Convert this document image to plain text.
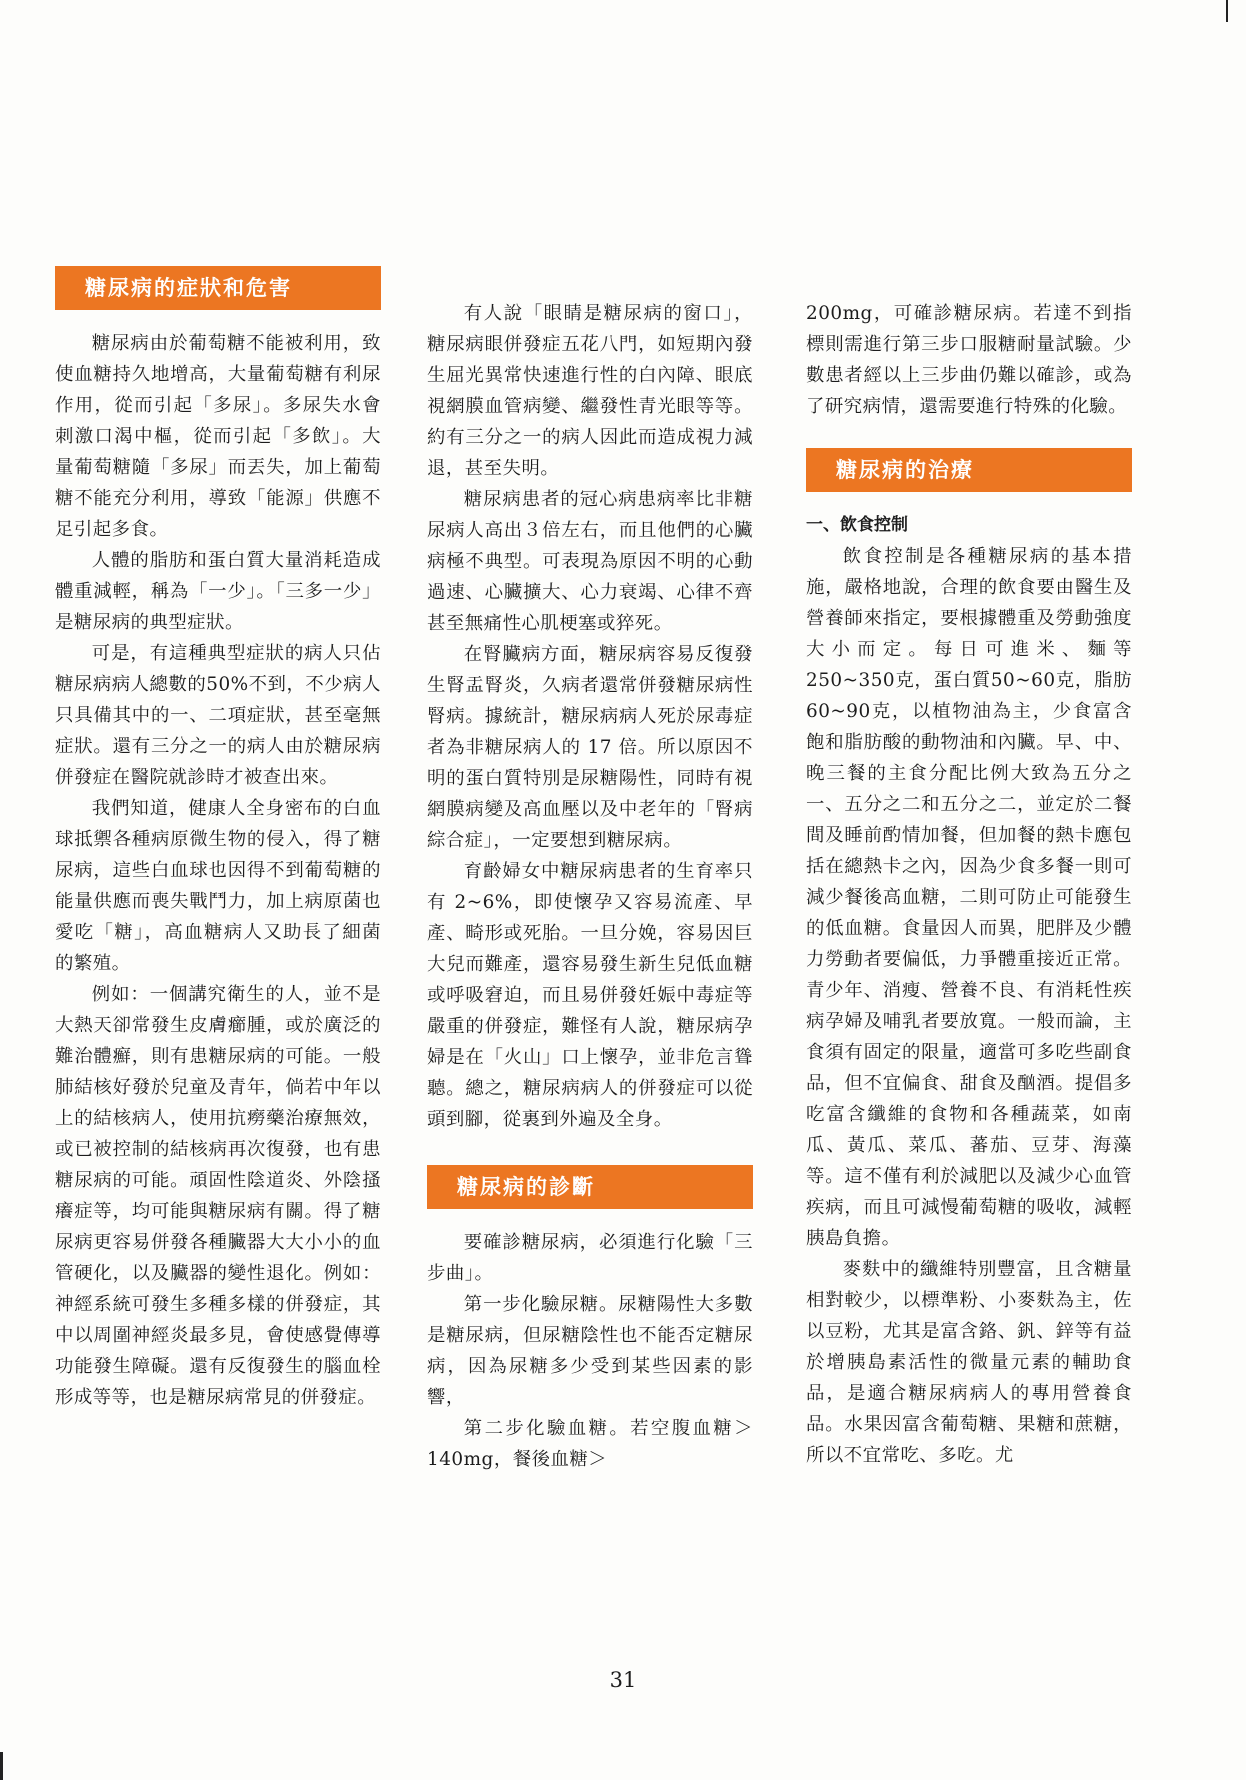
糖尿病的症狀和危害

糖尿病由於葡萄糖不能被利用，致使血糖持久地增高，大量葡萄糖有利尿作用，從而引起「多尿」。多尿失水會刺激口渴中樞，從而引起「多飲」。大量葡萄糖隨「多尿」而丟失，加上葡萄糖不能充分利用，導致「能源」供應不足引起多食。

人體的脂肪和蛋白質大量消耗造成體重減輕，稱為「一少」。「三多一少」是糖尿病的典型症狀。

可是，有這種典型症狀的病人只佔糖尿病病人總數的50%不到，不少病人只具備其中的一、二項症狀，甚至毫無症狀。還有三分之一的病人由於糖尿病併發症在醫院就診時才被查出來。

我們知道，健康人全身密布的白血球抵禦各種病原微生物的侵入，得了糖尿病，這些白血球也因得不到葡萄糖的能量供應而喪失戰鬥力，加上病原菌也愛吃「糖」，高血糖病人又助長了細菌的繁殖。

例如：一個講究衛生的人，並不是大熱天卻常發生皮膚癤腫，或於廣泛的難治體癬，則有患糖尿病的可能。一般肺結核好發於兒童及青年，倘若中年以上的結核病人，使用抗癆藥治療無效，或已被控制的結核病再次復發，也有患糖尿病的可能。頑固性陰道炎、外陰搔癢症等，均可能與糖尿病有關。得了糖尿病更容易併發各種臟器大大小小的血管硬化，以及臟器的變性退化。例如：神經系統可發生多種多樣的併發症，其中以周圍神經炎最多見，會使感覺傳導功能發生障礙。還有反復發生的腦血栓形成等等，也是糖尿病常見的併發症。

有人說「眼睛是糖尿病的窗口」，糖尿病眼併發症五花八門，如短期內發生屈光異常快速進行性的白內障、眼底視網膜血管病變、繼發性青光眼等等。約有三分之一的病人因此而造成視力減退，甚至失明。

糖尿病患者的冠心病患病率比非糖尿病人高出３倍左右，而且他們的心臟病極不典型。可表現為原因不明的心動過速、心臟擴大、心力衰竭、心律不齊甚至無痛性心肌梗塞或猝死。

在腎臟病方面，糖尿病容易反復發生腎盂腎炎，久病者還常併發糖尿病性腎病。據統計，糖尿病病人死於尿毒症者為非糖尿病人的 17 倍。所以原因不明的蛋白質特別是尿糖陽性，同時有視網膜病變及高血壓以及中老年的「腎病綜合症」，一定要想到糖尿病。

育齡婦女中糖尿病患者的生育率只有 2~6%，即使懷孕又容易流產、早產、畸形或死胎。一旦分娩，容易因巨大兒而難產，還容易發生新生兒低血糖或呼吸窘迫，而且易併發妊娠中毒症等嚴重的併發症，難怪有人說，糖尿病孕婦是在「火山」口上懷孕，並非危言聳聽。總之，糖尿病病人的併發症可以從頭到腳，從裏到外遍及全身。

糖尿病的診斷

要確診糖尿病，必須進行化驗「三步曲」。

第一步化驗尿糖。尿糖陽性大多數是糖尿病，但尿糖陰性也不能否定糖尿病，因為尿糖多少受到某些因素的影響，

第二步化驗血糖。若空腹血糖＞140mg，餐後血糖＞

200mg，可確診糖尿病。若達不到指標則需進行第三步口服糖耐量試驗。少數患者經以上三步曲仍難以確診，或為了研究病情，還需要進行特殊的化驗。

糖尿病的治療
一、飲食控制

飲食控制是各種糖尿病的基本措施，嚴格地說，合理的飲食要由醫生及營養師來指定，要根據體重及勞動強度大小而定。每日可進米、麵等250~350克，蛋白質50~60克，脂肪60~90克，以植物油為主，少食富含飽和脂肪酸的動物油和內臟。早、中、晚三餐的主食分配比例大致為五分之一、五分之二和五分之二，並定於二餐間及睡前酌情加餐，但加餐的熱卡應包括在總熱卡之內，因為少食多餐一則可減少餐後高血糖，二則可防止可能發生的低血糖。食量因人而異，肥胖及少體力勞動者要偏低，力爭體重接近正常。青少年、消瘦、營養不良、有消耗性疾病孕婦及哺乳者要放寬。一般而論，主食須有固定的限量，適當可多吃些副食品，但不宜偏食、甜食及酗酒。提倡多吃富含纖維的食物和各種蔬菜，如南瓜、黃瓜、菜瓜、蕃茄、豆芽、海藻等。這不僅有利於減肥以及減少心血管疾病，而且可減慢葡萄糖的吸收，減輕胰島負擔。

麥麩中的纖維特別豐富，且含糖量相對較少，以標準粉、小麥麩為主，佐以豆粉，尤其是富含鉻、釩、鋅等有益於增胰島素活性的微量元素的輔助食品，是適合糖尿病病人的專用營養食品。水果因富含葡萄糖、果糖和蔗糖，所以不宜常吃、多吃。尤

31
